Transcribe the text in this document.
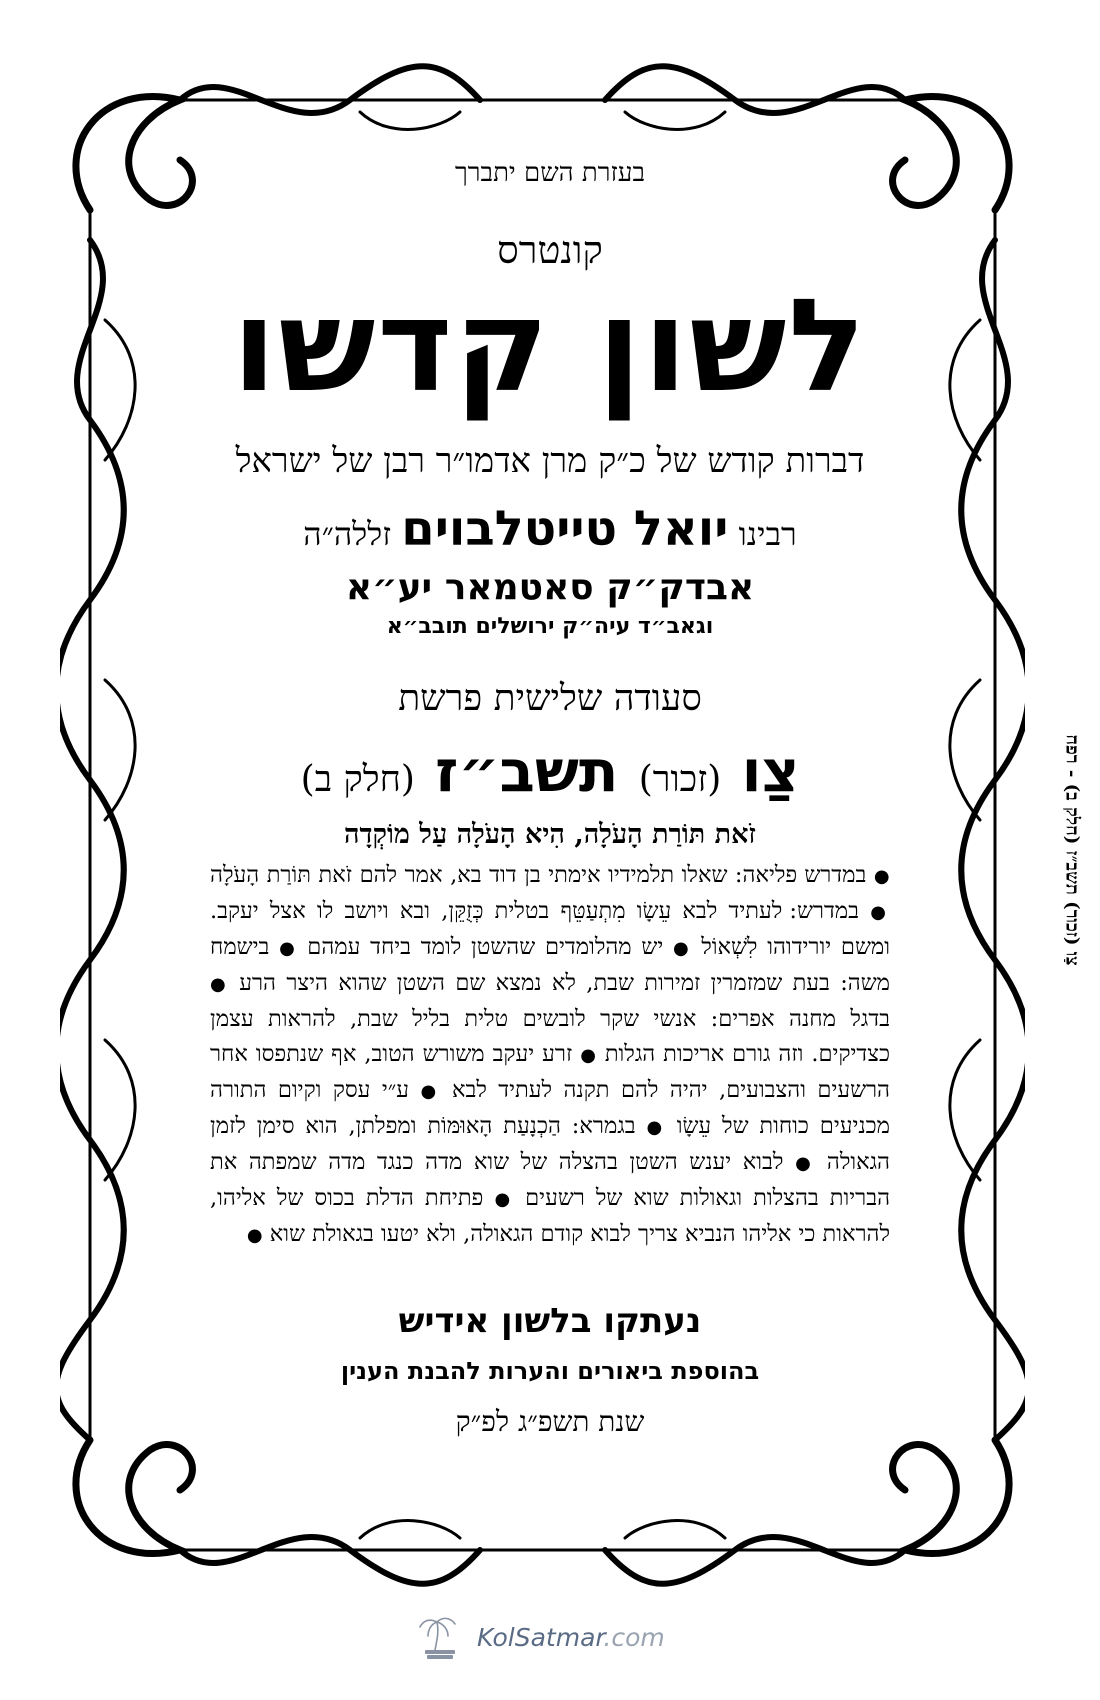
בעזרת השם יתברך

קונטרס

לשון קדשו

דברות קודש של כ״ק מרן אדמו״ר רבן של ישראל

רבינו יואל טייטלבוים זללה״ה

אבדק״ק סאטמאר יע״א

וגאב״ד עיה״ק ירושלים תובב״א

סעודה שלישית פרשת

צַו (זכור) תשב״ז (חלק ב)

זֹאת תּוֹרַת הָעֹלָה, הִיא הָעֹלָה עַל מוֹקְדָה

● במדרש פליאה: שאלו תלמידיו אימתי בן דוד בא, אמר להם זֹאת תּוֹרַת הָעֹלָה ● במדרש: לעתיד לבא עֵשָׂו מִתְעַטֵּף בטלית כְּזֻקֵּן, ובא ויושב לו אצל יעקב. ומשם יורידוהו לִשְׁאוֹל ● יש מהלומדים שהשטן לומד ביחד עמהם ● בישמח משה: בעת שמזמרין זמירות שבת, לא נמצא שם השטן שהוא היצר הרע ● בדגל מחנה אפרים: אנשי שקר לובשים טלית בליל שבת, להראות עצמן כצדיקים. וזה גורם אריכות הגלות ● זרע יעקב משורש הטוב, אף שנתפסו אחר הרשעים והצבועים, יהיה להם תקנה לעתיד לבא ● ע״י עסק וקיום התורה מכניעים כוחות של עֵשָׂו ● בגמרא: הַכְנָעַת הָאוּמּוֹת ומפלתן, הוא סימן לזמן הגאולה ● לבוא יענש השטן בהצלה של שוא מדה כנגד מדה שמפתה את הבריות בהצלות וגאולות שוא של רשעים ● פתיחת הדלת בכוס של אליהו, להראות כי אליהו הנביא צריך לבוא קודם הגאולה, ולא יטעו בגאולת שוא ●

נעתקו בלשון אידיש

בהוספת ביאורים והערות להבנת הענין

שנת תשפ״ג לפ״ק

צַו (זכור) תשב״ז (חלק ב) - רפח
KolSatmar.com
